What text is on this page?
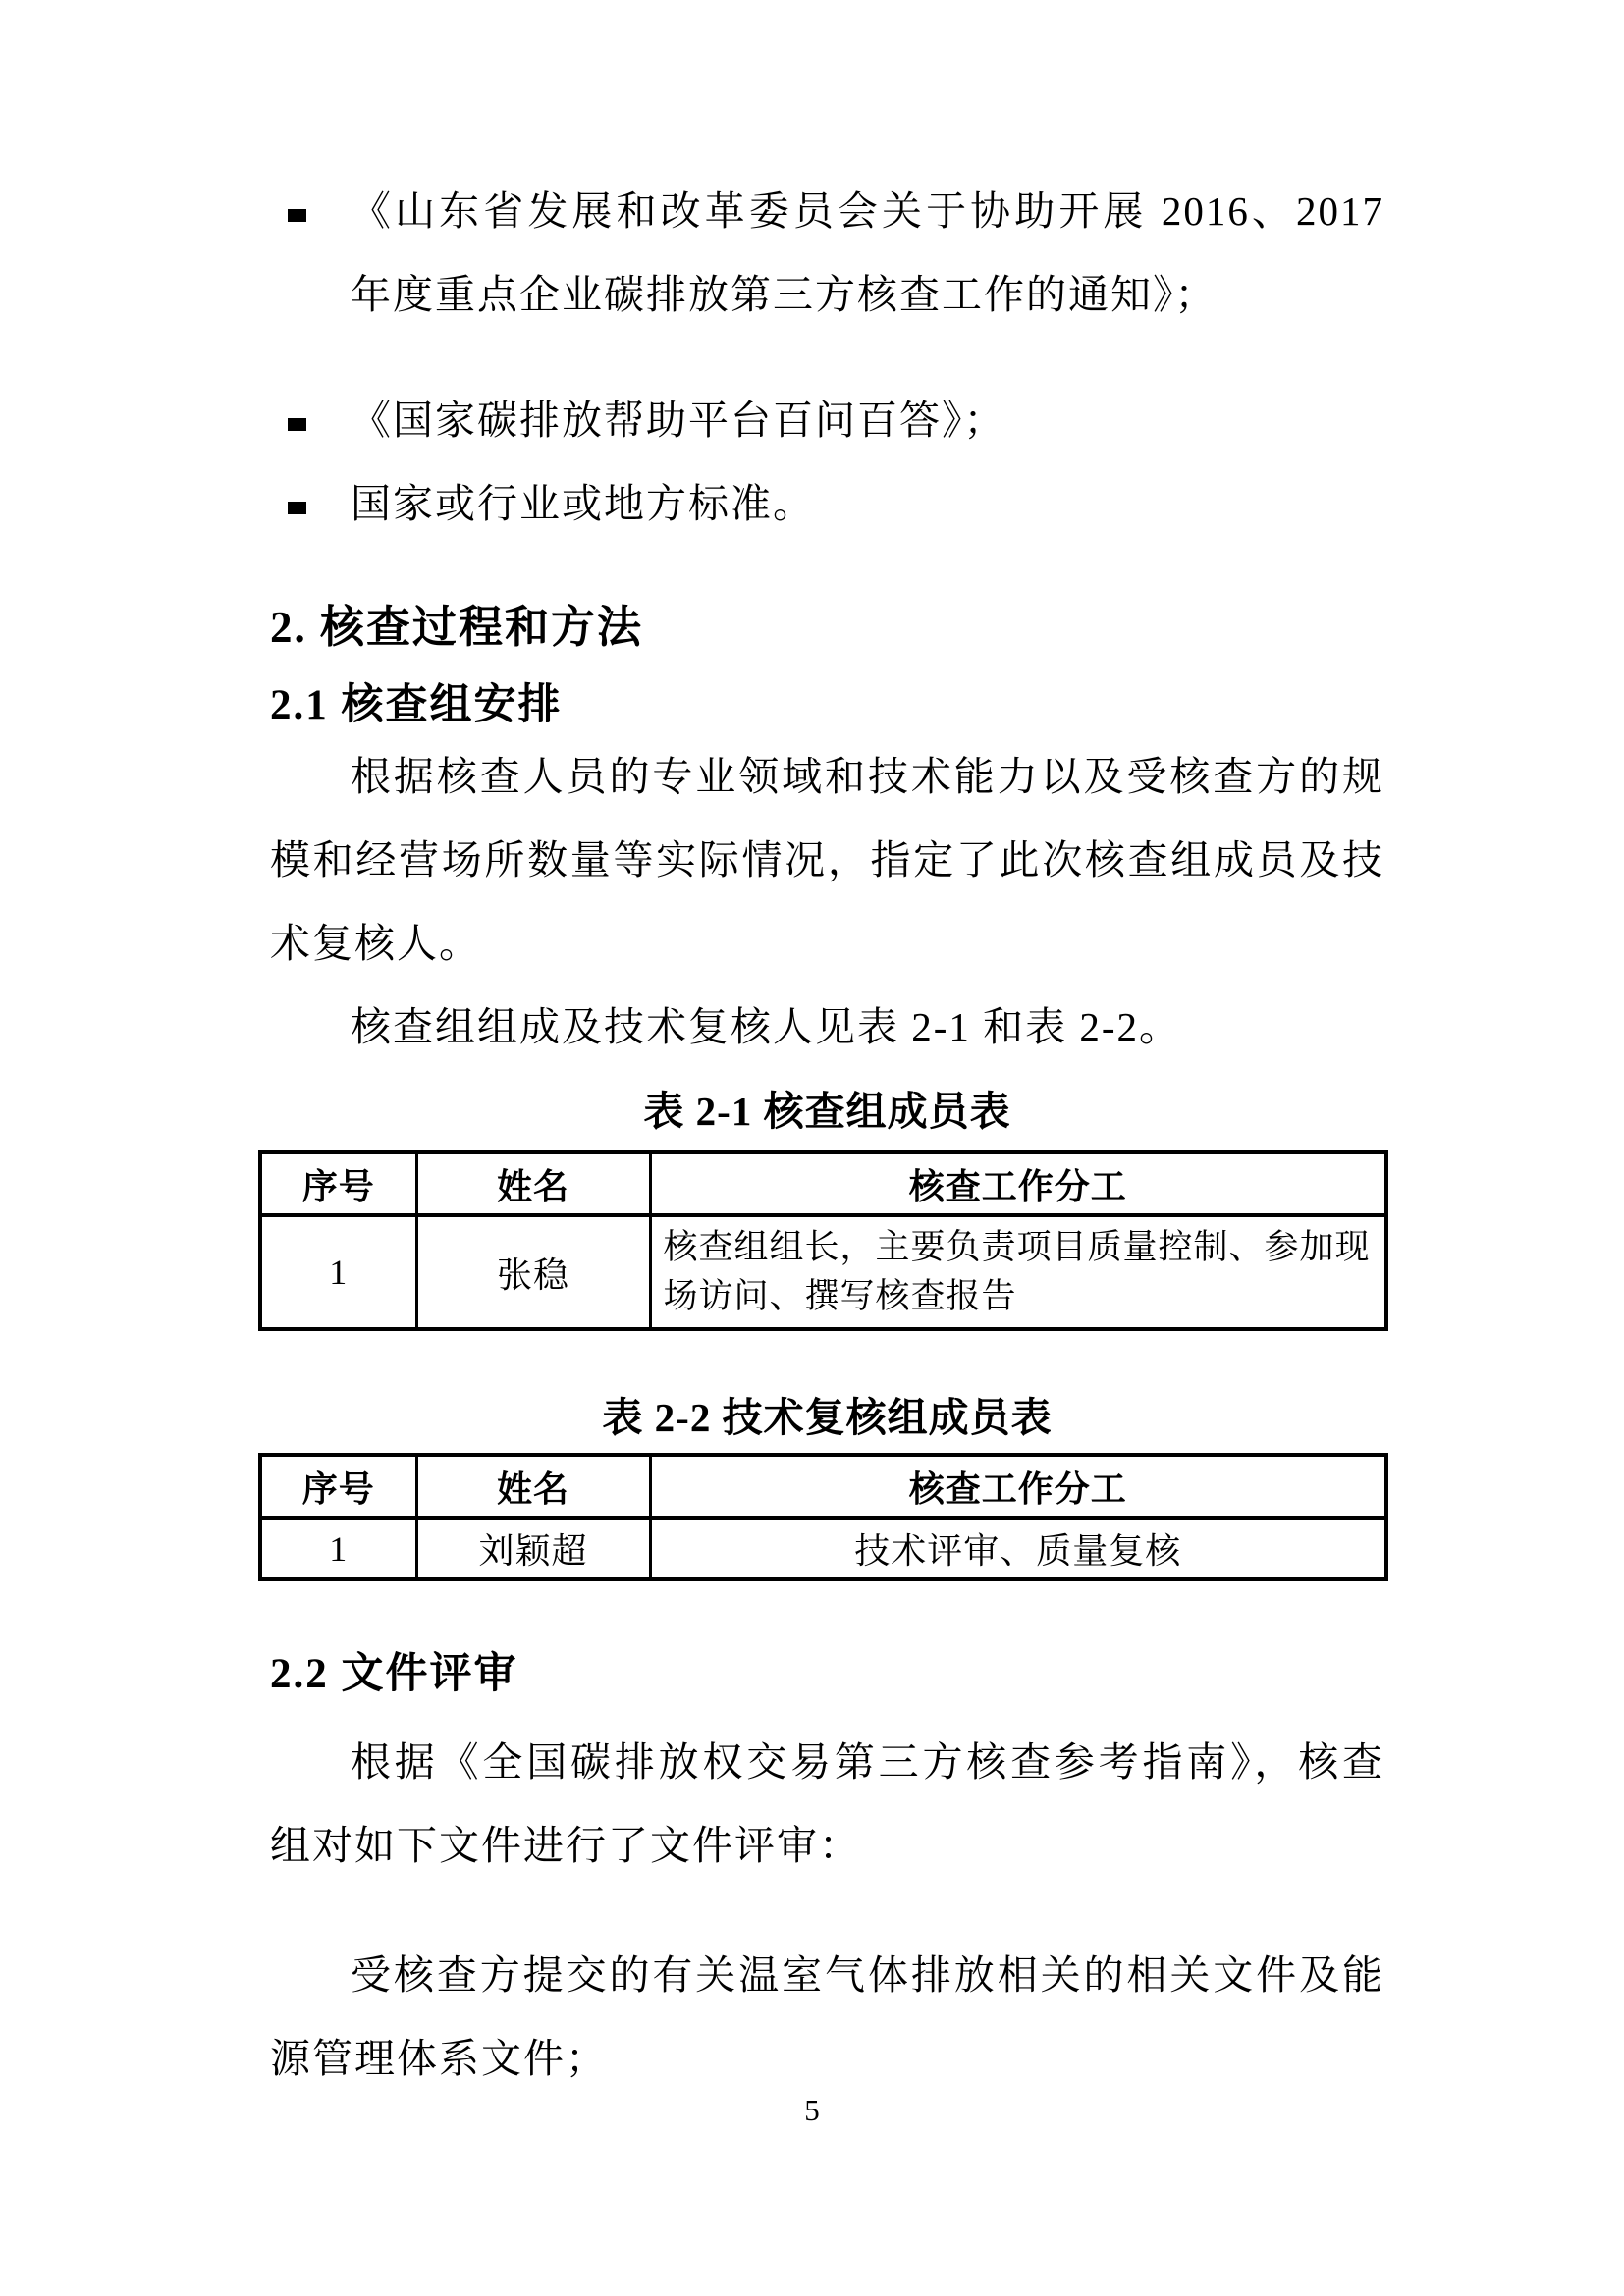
《山东省发展和改革委员会关于协助开展 2016、2017 年度重点企业碳排放第三方核查工作的通知》；
《国家碳排放帮助平台百问百答》；
国家或行业或地方标准。
2. 核查过程和方法
2.1 核查组安排

根据核查人员的专业领域和技术能力以及受核查方的规模和经营场所数量等实际情况，指定了此次核查组成员及技术复核人。

核查组组成及技术复核人见表 2-1 和表 2-2。

表 2-1 核查组成员表
序号	姓名	核查工作分工
1	张稳	核查组组长，主要负责项目质量控制、参加现场访问、撰写核查报告
表 2-2 技术复核组成员表
序号	姓名	核查工作分工
1	刘颖超	技术评审、质量复核
2.2 文件评审

根据《全国碳排放权交易第三方核查参考指南》，核查组对如下文件进行了文件评审：

受核查方提交的有关温室气体排放相关的相关文件及能源管理体系文件；

5
